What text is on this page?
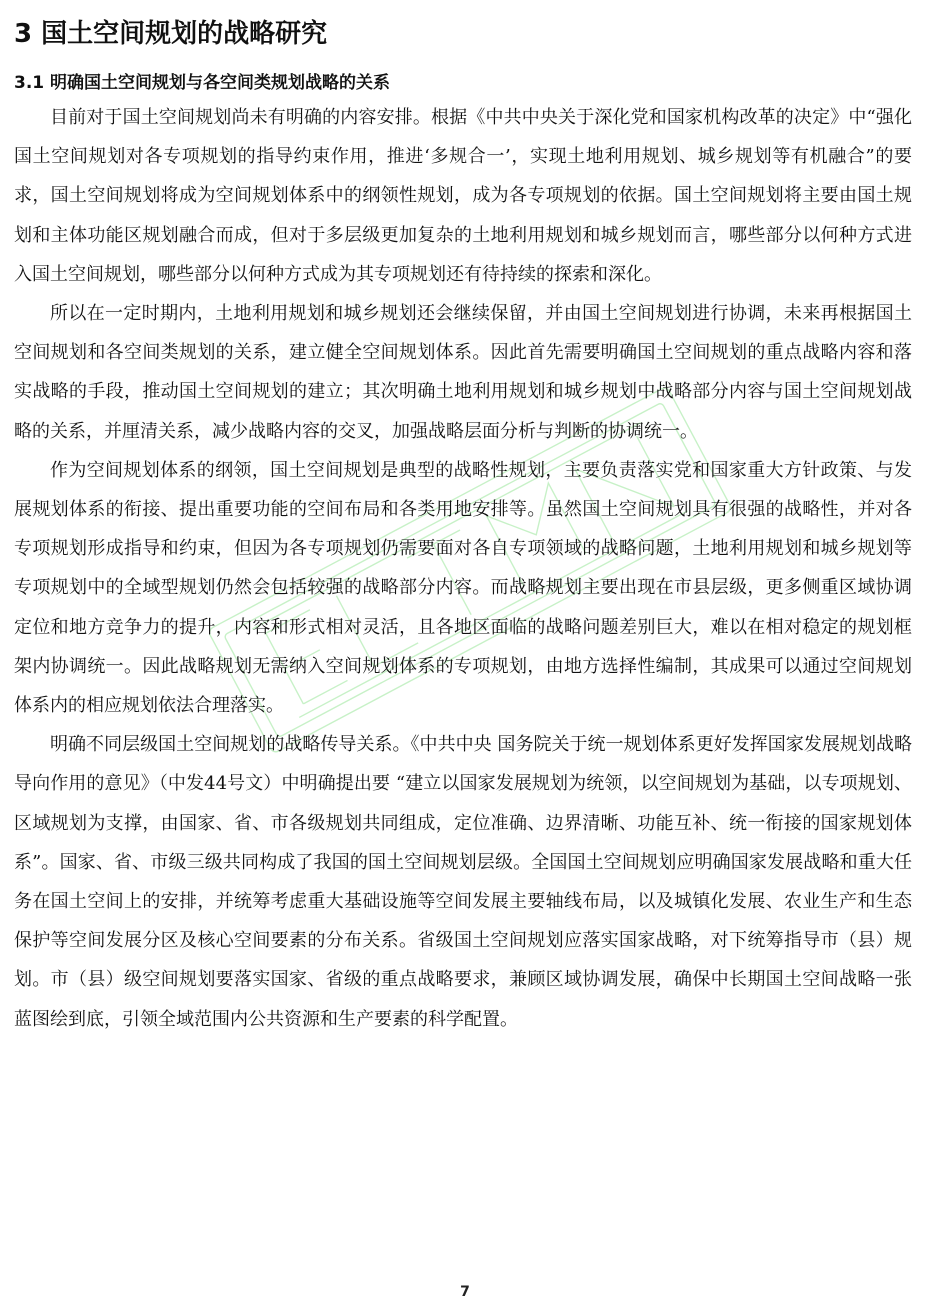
3 国土空间规划的战略研究
3.1 明确国土空间规划与各空间类规划战略的关系

目前对于国土空间规划尚未有明确的内容安排。根据《中共中央关于深化党和国家机构改革的决定》中“强化国土空间规划对各专项规划的指导约束作用，推进‘多规合一’，实现土地利用规划、城乡规划等有机融合”的要求，国土空间规划将成为空间规划体系中的纲领性规划，成为各专项规划的依据。国土空间规划将主要由国土规划和主体功能区规划融合而成，但对于多层级更加复杂的土地利用规划和城乡规划而言，哪些部分以何种方式进入国土空间规划，哪些部分以何种方式成为其专项规划还有待持续的探索和深化。

所以在一定时期内，土地利用规划和城乡规划还会继续保留，并由国土空间规划进行协调，未来再根据国土空间规划和各空间类规划的关系，建立健全空间规划体系。因此首先需要明确国土空间规划的重点战略内容和落实战略的手段，推动国土空间规划的建立；其次明确土地利用规划和城乡规划中战略部分内容与国土空间规划战略的关系，并厘清关系，减少战略内容的交叉，加强战略层面分析与判断的协调统一。

作为空间规划体系的纲领，国土空间规划是典型的战略性规划，主要负责落实党和国家重大方针政策、与发展规划体系的衔接、提出重要功能的空间布局和各类用地安排等。虽然国土空间规划具有很强的战略性，并对各专项规划形成指导和约束，但因为各专项规划仍需要面对各自专项领域的战略问题，土地利用规划和城乡规划等专项规划中的全域型规划仍然会包括较强的战略部分内容。而战略规划主要出现在市县层级，更多侧重区域协调定位和地方竞争力的提升，内容和形式相对灵活，且各地区面临的战略问题差别巨大，难以在相对稳定的规划框架内协调统一。因此战略规划无需纳入空间规划体系的专项规划，由地方选择性编制，其成果可以通过空间规划体系内的相应规划依法合理落实。

明确不同层级国土空间规划的战略传导关系。《中共中央 国务院关于统一规划体系更好发挥国家发展规划战略导向作用的意见》（中发44号文）中明确提出要 “建立以国家发展规划为统领，以空间规划为基础，以专项规划、区域规划为支撑，由国家、省、市各级规划共同组成，定位准确、边界清晰、功能互补、统一衔接的国家规划体系”。国家、省、市级三级共同构成了我国的国土空间规划层级。全国国土空间规划应明确国家发展战略和重大任务在国土空间上的安排，并统筹考虑重大基础设施等空间发展主要轴线布局，以及城镇化发展、农业生产和生态保护等空间发展分区及核心空间要素的分布关系。省级国土空间规划应落实国家战略，对下统筹指导市（县）规划。市（县）级空间规划要落实国家、省级的重点战略要求，兼顾区域协调发展，确保中长期国土空间战略一张蓝图绘到底，引领全域范围内公共资源和生产要素的科学配置。

7
